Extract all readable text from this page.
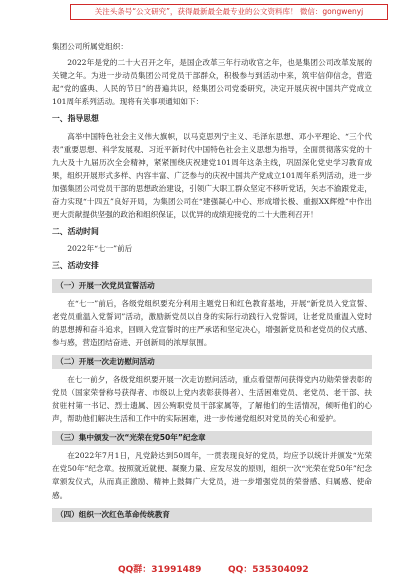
关注头条号“公文研究”，获得最新最全最专业的公文资料库！ 微信：gongwenyj

集团公司所属党组织：

2022年是党的二十大召开之年，是国企改革三年行动收官之年，也是集团公司改革发展的关键之年。为进一步动员集团公司党员干部群众，积极参与到活动中来，筑牢信仰信念，营造起“党的盛典、人民的节日”的普遍共识，经集团公司党委研究，决定开展庆祝中国共产党成立101周年系列活动。现将有关事项通知如下：

一、指导思想

高举中国特色社会主义伟大旗帜，以马克思列宁主义、毛泽东思想、邓小平理论、“三个代表”重要思想、科学发展观、习近平新时代中国特色社会主义思想为指导，全面贯彻落实党的十九大及十九届历次全会精神，紧紧围绕庆祝建党101周年这条主线，巩固深化党史学习教育成果，组织开展形式多样、内容丰富、广泛参与的庆祝中国共产党成立101周年系列活动，进一步加强集团公司党员干部的思想政治建设，引领广大职工群众坚定不移听党话，矢志不渝跟党走，奋力实现“十四五”良好开局，为集团公司在“建强凝心中心、形成增长极、重振XX辉煌”中作出更大贡献提供坚强的政治和组织保证，以优异的成绩迎接党的二十大胜利召开！

二、活动时间

2022年“七一”前后

三、活动安排
（一）开展一次党员宣誓活动

在“七一”前后，各级党组织要充分利用主题党日和红色教育基地，开展“新党员入党宣誓、老党员重温入党誓词”活动，激励新党员以自身的实际行动践行入党誓词，让老党员重温入党时的思想搏和奋斗追求，回顾入党宣誓时的庄严承诺和坚定决心，增强新党员和老党员的仪式感、参与感，营造团结奋进、开创新局的浓厚氛围。

（二）开展一次走访慰问活动

在七一前夕，各级党组织要开展一次走访慰问活动，重点看望帮问获得党内功勋荣誉表彰的党员（国家荣誉称号获得者、市级以上党内表彰获得者）、生活困难党员、老党员、老干部、扶贫驻村第一书记、烈士遗属、因公殉职党员干部家属等，了解他们的生活情况，倾听他们的心声，帮助他们解决生活和工作中的实际困难，进一步传递党组织对党员的关心和爱护。

（三）集中颁发一次“光荣在党50年”纪念章

在2022年7月1日，凡党龄达到50周年，一贯表现良好的党员，均应予以统计并颁发“光荣在党50年”纪念章。按照就近就便、凝聚力量、应发尽发的原则，组织一次“光荣在党50年”纪念章颁发仪式，从而真正激励、精神上鼓舞广大党员，进一步增强党员的荣誉感、归属感、使命感。

（四）组织一次红色革命传统教育
QQ群：31991489	QQ：535304092
